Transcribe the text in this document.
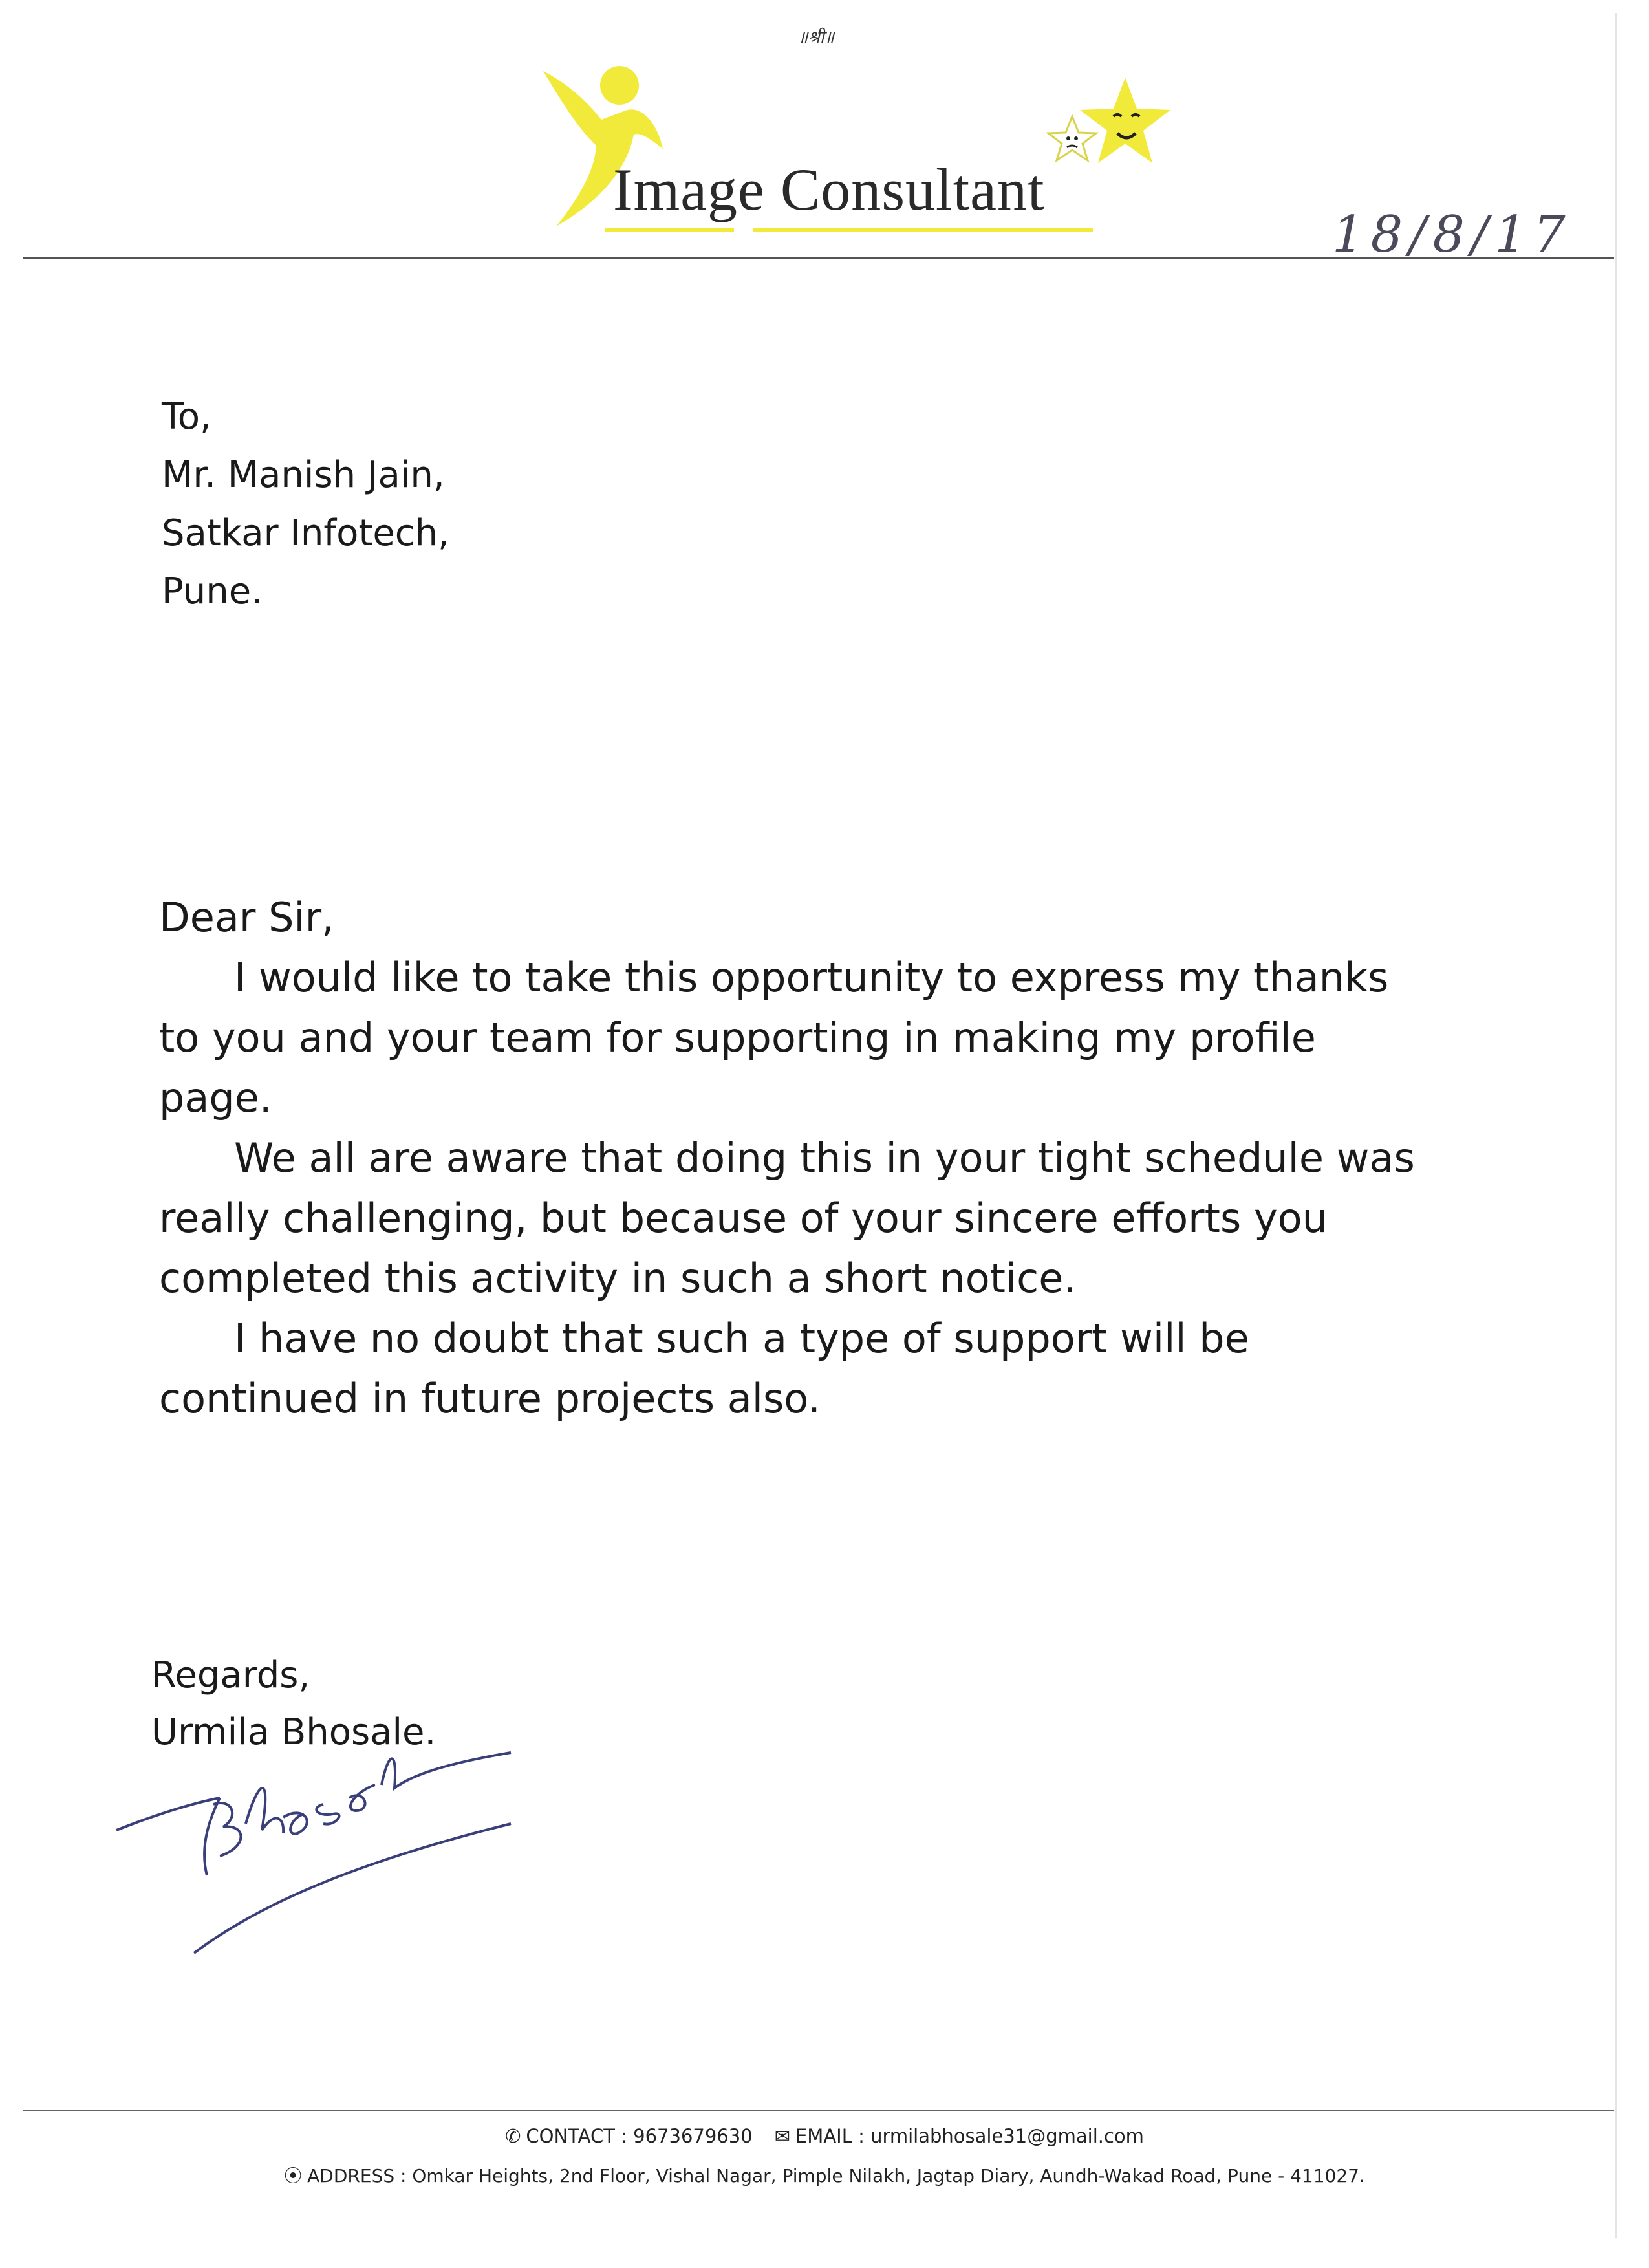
॥श्री॥
Image Consultant
18/8/17
To,
Mr. Manish Jain,
Satkar Infotech,
Pune.
Dear Sir,
I would like to take this opportunity to express my thanks
to you and your team for supporting in making my profile
page.
We all are aware that doing this in your tight schedule was
really challenging, but because of your sincere efforts you
completed this activity in such a short notice.
I have no doubt that such a type of support will be
continued in future projects also.
Regards,
Urmila Bhosale.
✆ CONTACT : 9673679630 ✉ EMAIL : urmilabhosale31@gmail.com
⦿ ADDRESS : Omkar Heights, 2nd Floor, Vishal Nagar, Pimple Nilakh, Jagtap Diary, Aundh-Wakad Road, Pune - 411027.
